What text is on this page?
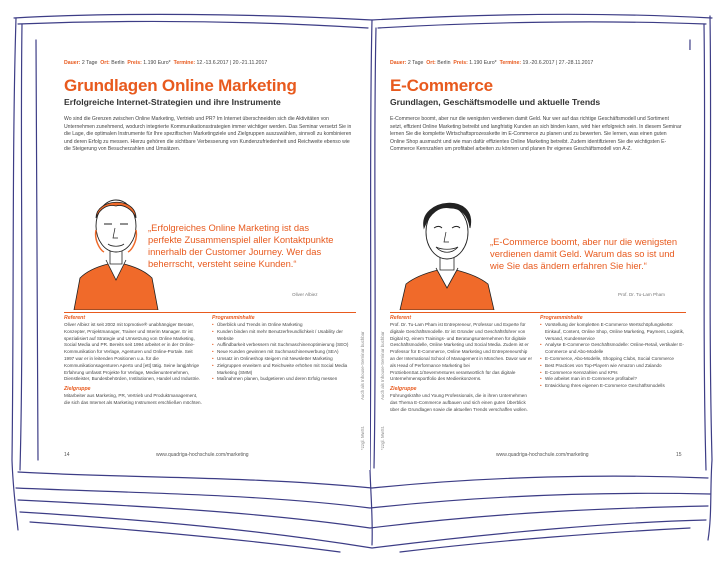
Dauer: 2 Tage Ort: Berlin Preis: 1.190 Euro* Termine: 12.-13.6.2017 | 20.-21.11.2017
Grundlagen Online Marketing
Erfolgreiche Internet-Strategien und ihre Instrumente
Wo sind die Grenzen zwischen Online Marketing, Vertrieb und PR? Im Internet überschneiden sich die Aktivitäten von Unternehmen zunehmend, wodurch integrierte Kommunikationsstrategien immer wichtiger werden. Das Seminar versetzt Sie in die Lage, die optimalen Instrumente für Ihre spezifischen Marketingziele und Zielgruppen auszuwählen, sinnvoll zu kombinieren und deren Erfolg zu messen. Hierzu gehören die sichtbare Verbesserung von Kundenzufriedenheit und Reichweite ebenso wie die Steigerung von Besucherzahlen und Umsätzen.
„Erfolgreiches Online Marketing ist das perfekte Zusammenspiel aller Kontaktpunkte innerhalb der Customer Journey. Wer das beherrscht, versteht seine Kunden.“
Oliver Albiez
Referent

Oliver Albiez ist seit 2002 mit topmotive® unabhängiger Berater, Konzepter, Projektmanager, Trainer und Interim Manager. Er ist spezialisiert auf Strategie und Umsetzung von Online Marketing, Social Media und PR. Bereits seit 1994 arbeitet er in der Online-Kommunikation für Verlage, Agenturen und Online-Portale. Seit 1997 war er in leitenden Positionen u.a. für die Kommunikationsagenturen Aperto und [ett] tätig. Seine langjährige Erfahrung umfasst Projekte für Verlage, Medienunternehmen, Dienstleister, Bundesbehörden, Institutionen, Handel und Industrie.

Zielgruppe

Mitarbeiter aus Marketing, PR, Vertrieb und Produktmanagement, die sich das Internet als Marketing Instrument erschließen möchten.

Programminhalte
• Überblick und Trends im Online Marketing
• Kunden binden mit mehr Benutzerfreundlichkeit / Usability der Website
• Auffindbarkeit verbessern mit Suchmaschinenoptimierung (SEO)
• Neue Kunden gewinnen mit Suchmaschinenwerbung (SEA)
• Umsatz im Onlineshop steigern mit Newsletter Marketing
• Zielgruppen erweitern und Reichweite erhöhen mit Social Media Marketing (SMM)
• Maßnahmen planen, budgetieren und deren Erfolg messen	Auch als Inhouse-Seminar buchbar
*zzgl. MwSt.
14	www.quadriga-hochschule.com/marketing
Dauer: 2 Tage Ort: Berlin Preis: 1.190 Euro* Termine: 19.-20.6.2017 | 27.-28.11.2017
E-Commerce
Grundlagen, Geschäftsmodelle und aktuelle Trends
E-Commerce boomt, aber nur die wenigsten verdienen damit Geld. Nur wer auf das richtige Geschäftsmodell und Sortiment setzt, effizient Online Marketing betreibt und langfristig Kunden an sich binden kann, wird hier erfolgreich sein. In diesem Seminar lernen Sie die komplette Wirtschaftsprozesskette im E-Commerce zu planen und zu bewerten. Sie lernen, was einen guten Online Shop ausmacht und wie man dafür effizientes Online Marketing betreibt. Zudem identifizieren Sie die wichtigsten E-Commerce Kennzahlen um profitabel arbeiten zu können und planen Ihr eigenes Geschäftsmodell von A-Z.
„E-Commerce boomt, aber nur die wenigsten verdienen damit Geld. Warum das so ist und wie Sie das ändern erfahren Sie hier.“
Prof. Dr. Tu-Lam Pham
Referent

Prof. Dr. Tu-Lam Pham ist Entrepreneur, Professor und Experte für digitale Geschäftsmodelle. Er ist Gründer und Geschäftsführer von Digital IQ, einem Trainings- und Beratungsunternehmen für digitale Geschäftsmodelle, Online Marketing und Social Media. Zudem ist er Professor für E-Commerce, Online Marketing und Entrepreneurship an der International School of Management in München. Davor war er als Head of Performance Marketing bei ProSiebenSat.1/SevenVentures verantwortlich für das digitale Unternehmensportfolio des Medienkonzerns.

Zielgruppe

Führungskräfte und Young Professionals, die in ihren Unternehmen das Thema E-Commerce aufbauen und sich einen guten Überblick über die Grundlagen sowie die aktuellen Trends verschaffen wollen.

Programminhalte
• Vorstellung der kompletten E-Commerce Wertschöpfungskette: Einkauf, Content, Online Shop, Online Marketing, Payment, Logistik, Versand, Kundenservice
• Analyse E-Commerce Geschäftsmodelle: Online-Retail, vertikaler E-Commerce und Abo-Modelle
• E-Commerce, Abo-Modelle, Shopping Clubs, Social Commerce
• Best Practices von Top-Playern wie Amazon und Zalando
• E-Commerce Kennzahlen und KPIs
• Wie arbeitet man im E-Commerce profitabel?
• Entwicklung Ihres eigenen E-Commerce Geschäftsmodells
Auch als Inhouse-Seminar buchbar
*zzgl. MwSt.
www.quadriga-hochschule.com/marketing	15
